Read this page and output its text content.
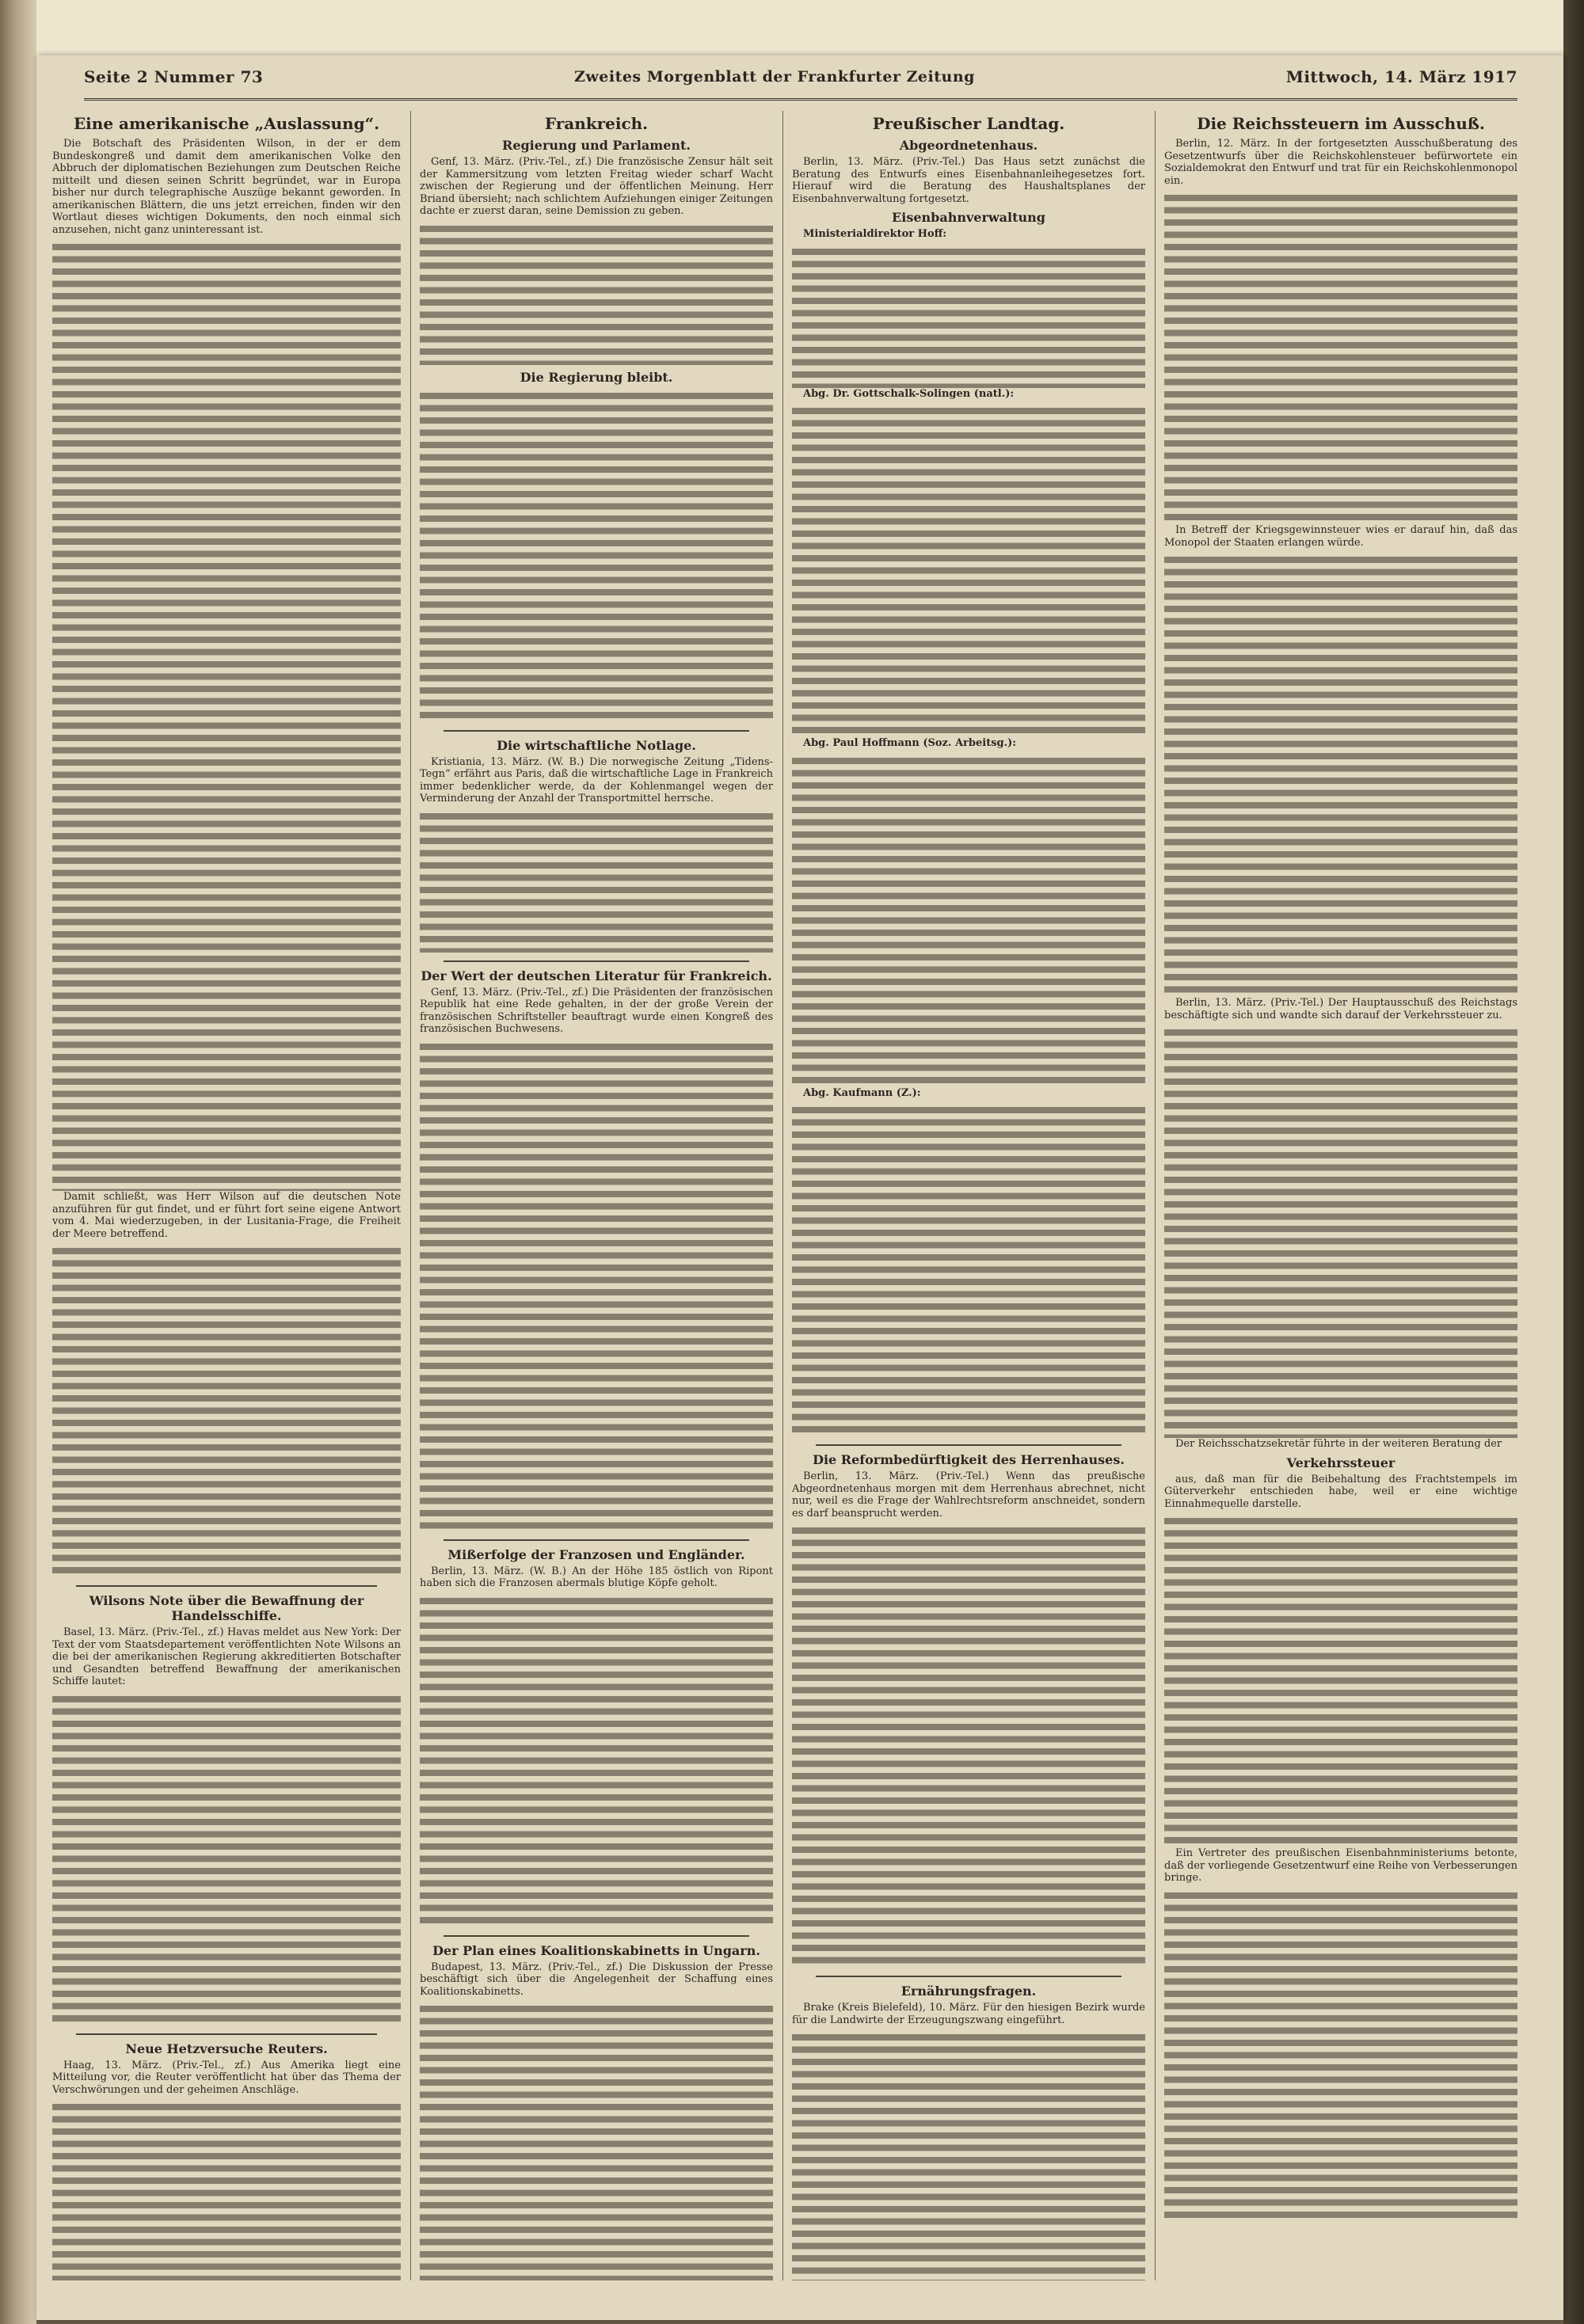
Seite 2 Nummer 73	Zweites Morgenblatt der Frankfurter Zeitung	Mittwoch, 14. März 1917
Eine amerikanische „Auslassung“.

Die Botschaft des Präsidenten Wilson, in der er dem Bundeskongreß und damit dem amerikanischen Volke den Abbruch der diplomatischen Beziehungen zum Deutschen Reiche mitteilt und diesen seinen Schritt begründet, war in Europa bisher nur durch telegraphische Auszüge bekannt geworden. In amerikanischen Blättern, die uns jetzt erreichen, finden wir den Wortlaut dieses wichtigen Dokuments, den noch einmal sich anzusehen, nicht ganz uninteressant ist.

Damit schließt, was Herr Wilson auf die deutschen Note anzuführen für gut findet, und er führt fort seine eigene Antwort vom 4. Mai wiederzugeben, in der Lusitania-Frage, die Freiheit der Meere betreffend.

Wilsons Note über die Bewaffnung der Handelsschiffe.

Basel, 13. März. (Priv.-Tel., zf.) Havas meldet aus New York: Der Text der vom Staatsdepartement veröffentlichten Note Wilsons an die bei der amerikanischen Regierung akkreditierten Botschafter und Gesandten betreffend Bewaffnung der amerikanischen Schiffe lautet:

Neue Hetzversuche Reuters.

Haag, 13. März. (Priv.-Tel., zf.) Aus Amerika liegt eine Mitteilung vor, die Reuter veröffentlicht hat über das Thema der Verschwörungen und der geheimen Anschläge.

Frankreich.
Regierung und Parlament.

Genf, 13. März. (Priv.-Tel., zf.) Die französische Zensur hält seit der Kammersitzung vom letzten Freitag wieder scharf Wacht zwischen der Regierung und der öffentlichen Meinung. Herr Briand übersieht; nach schlichtem Aufziehungen einiger Zeitungen dachte er zuerst daran, seine Demission zu geben.

Die Regierung bleibt.
Die wirtschaftliche Notlage.

Kristiania, 13. März. (W. B.) Die norwegische Zeitung „Tidens-Tegn“ erfährt aus Paris, daß die wirtschaftliche Lage in Frankreich immer bedenklicher werde, da der Kohlenmangel wegen der Verminderung der Anzahl der Transportmittel herrsche.

Der Wert der deutschen Literatur für Frankreich.

Genf, 13. März. (Priv.-Tel., zf.) Die Präsidenten der französischen Republik hat eine Rede gehalten, in der der große Verein der französischen Schriftsteller beauftragt wurde einen Kongreß des französischen Buchwesens.

Mißerfolge der Franzosen und Engländer.

Berlin, 13. März. (W. B.) An der Höhe 185 östlich von Ripont haben sich die Franzosen abermals blutige Köpfe geholt.

Der Plan eines Koalitionskabinetts in Ungarn.

Budapest, 13. März. (Priv.-Tel., zf.) Die Diskussion der Presse beschäftigt sich über die Angelegenheit der Schaffung eines Koalitionskabinetts.

Preußischer Landtag.
Abgeordnetenhaus.

Berlin, 13. März. (Priv.-Tel.) Das Haus setzt zunächst die Beratung des Entwurfs eines Eisenbahnanleihegesetzes fort. Hierauf wird die Beratung des Haushaltsplanes der Eisenbahnverwaltung fortgesetzt.

Eisenbahnverwaltung

Ministerialdirektor Hoff:

Abg. Dr. Gottschalk-Solingen (natl.):

Abg. Paul Hoffmann (Soz. Arbeitsg.):

Abg. Kaufmann (Z.):

Die Reformbedürftigkeit des Herrenhauses.

Berlin, 13. März. (Priv.-Tel.) Wenn das preußische Abgeordnetenhaus morgen mit dem Herrenhaus abrechnet, nicht nur, weil es die Frage der Wahlrechtsreform anschneidet, sondern es darf beansprucht werden.

Ernährungsfragen.

Brake (Kreis Bielefeld), 10. März. Für den hiesigen Bezirk wurde für die Landwirte der Erzeugungszwang eingeführt.

Die Reichssteuern im Ausschuß.

Berlin, 12. März. In der fortgesetzten Ausschußberatung des Gesetzentwurfs über die Reichskohlensteuer befürwortete ein Sozialdemokrat den Entwurf und trat für ein Reichskohlenmonopol ein.

In Betreff der Kriegsgewinnsteuer wies er darauf hin, daß das Monopol der Staaten erlangen würde.

Berlin, 13. März. (Priv.-Tel.) Der Hauptausschuß des Reichstags beschäftigte sich und wandte sich darauf der Verkehrssteuer zu.

Der Reichsschatzsekretär führte in der weiteren Beratung der

Verkehrssteuer

aus, daß man für die Beibehaltung des Frachtstempels im Güterverkehr entschieden habe, weil er eine wichtige Einnahmequelle darstelle.

Ein Vertreter des preußischen Eisenbahnministeriums betonte, daß der vorliegende Gesetzentwurf eine Reihe von Verbesserungen bringe.
